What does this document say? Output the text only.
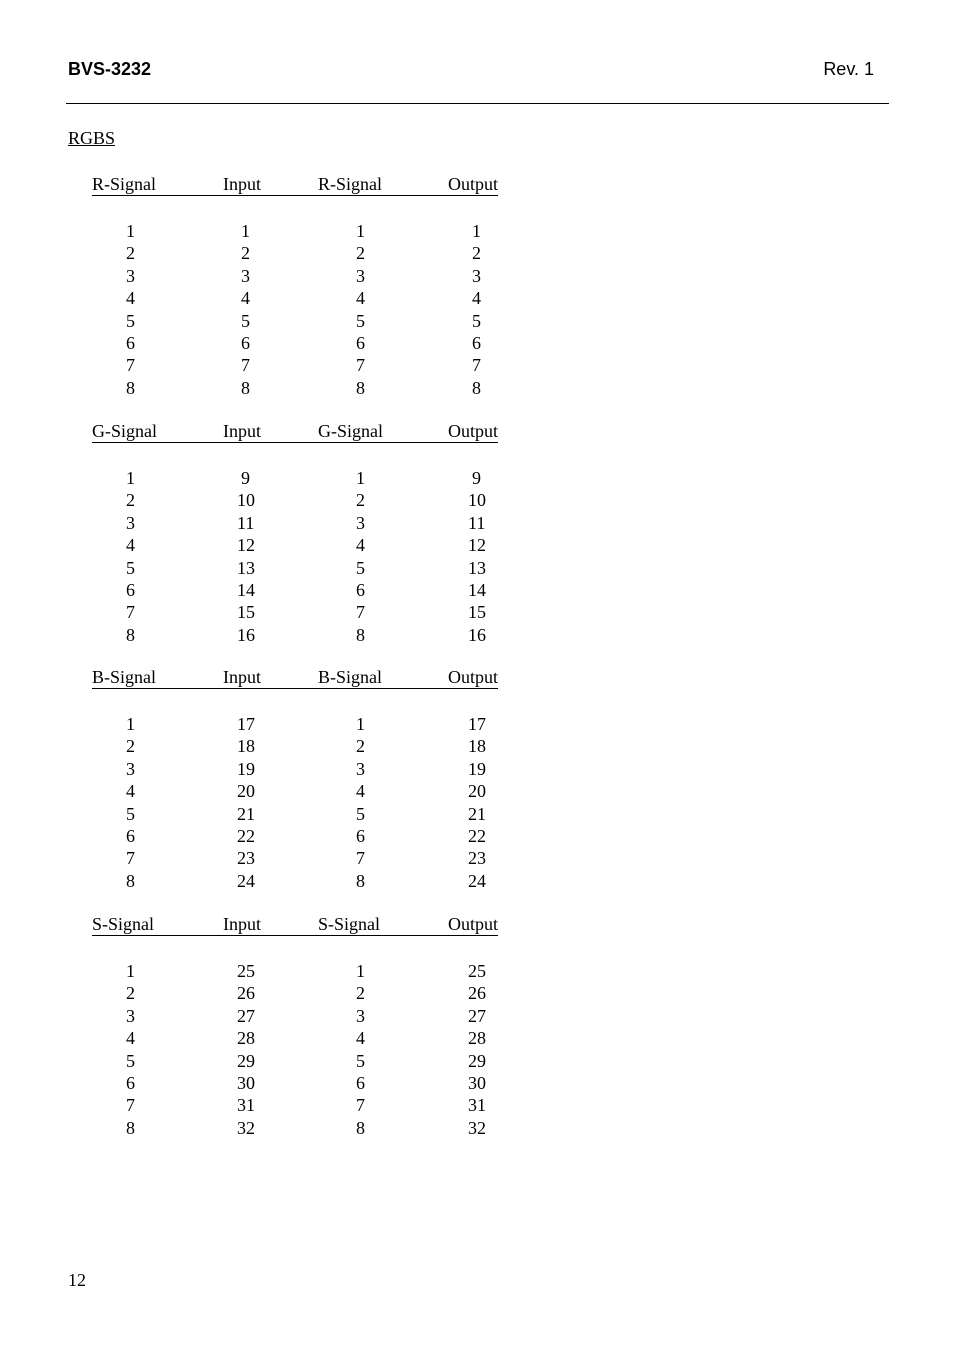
BVS-3232	Rev. 1
RGBS
R-Signal	Input	R-Signal	Output
1	1	1	1
2	2	2	2
3	3	3	3
4	4	4	4
5	5	5	5
6	6	6	6
7	7	7	7
8	8	8	8
G-Signal	Input	G-Signal	Output
1	9	1	9
2	10	2	10
3	11	3	11
4	12	4	12
5	13	5	13
6	14	6	14
7	15	7	15
8	16	8	16
B-Signal	Input	B-Signal	Output
1	17	1	17
2	18	2	18
3	19	3	19
4	20	4	20
5	21	5	21
6	22	6	22
7	23	7	23
8	24	8	24
S-Signal	Input	S-Signal	Output
1	25	1	25
2	26	2	26
3	27	3	27
4	28	4	28
5	29	5	29
6	30	6	30
7	31	7	31
8	32	8	32
12
